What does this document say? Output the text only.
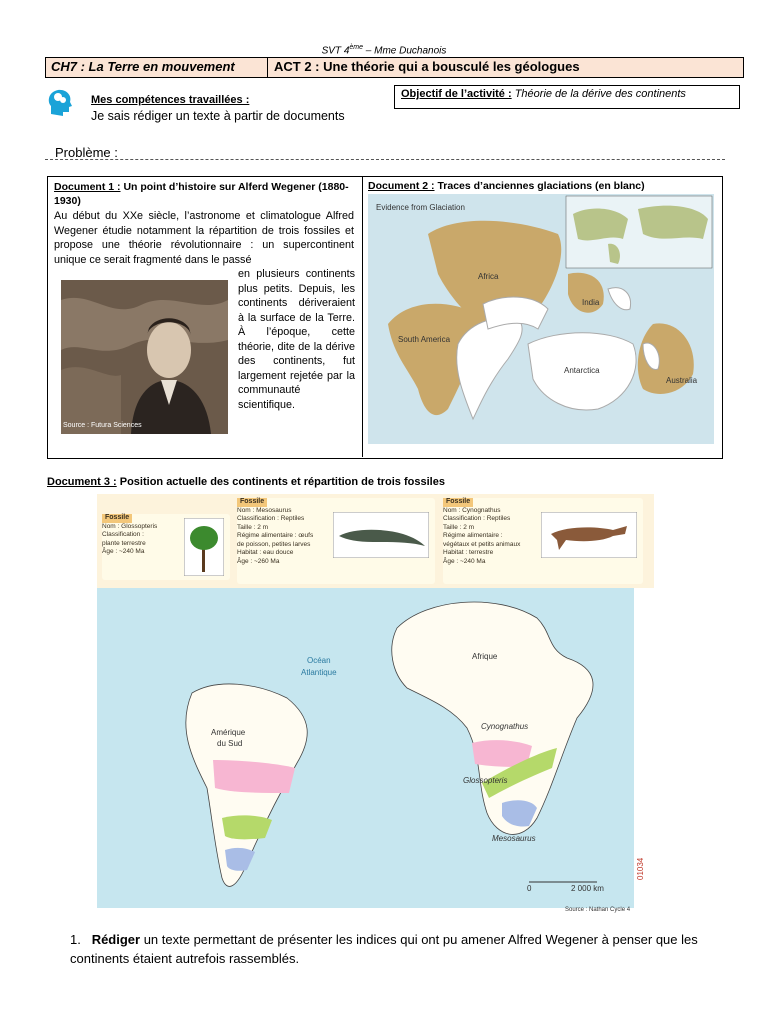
SVT 4ème – Mme Duchanois
CH7 : La Terre en mouvement	ACT 2 : Une théorie qui a bousculé les géologues
Mes compétences travaillées :
Je sais rédiger un texte à partir de documents
Objectif de l’activité : Théorie de la dérive des continents
Problème :
Document 1 : Un point d’histoire sur Alferd Wegener (1880-1930)
Au début du XXe siècle, l’astronome et climatologue Alfred Wegener étudie notamment la répartition de trois fossiles et propose une théorie révolutionnaire : un supercontinent unique ce serait fragmenté dans le passé
en plusieurs continents plus petits. Depuis, les continents dériveraient à la surface de la Terre. À l’époque, cette théorie, dite de la dérive des continents, fut largement rejetée par la communauté scientifique.
Source : Futura Sciences
Document 2 : Traces d’anciennes glaciations (en blanc)
Evidence from Glaciation
Africa
India
South America
Antarctica
Australia
Document 3 : Position actuelle des continents et répartition de trois fossiles
Fossile
Nom : Glossopteris
Classification :
plante terrestre
Âge : ~240 Ma
Fossile
Nom : Mesosaurus
Classification : Reptiles
Taille : 2 m
Régime alimentaire : œufs
de poisson, petites larves
Habitat : eau douce
Âge : ~260 Ma
Fossile
Nom : Cynognathus
Classification : Reptiles
Taille : 2 m
Régime alimentaire :
végétaux et petits animaux
Habitat : terrestre
Âge : ~240 Ma
Océan
Atlantique
Afrique
Amérique
du Sud
Cynognathus
Glossopteris
Mesosaurus
0	2 000 km
Source : Nathan Cycle 4
01034
1. Rédiger un texte permettant de présenter les indices qui ont pu amener Alfred Wegener à penser que les continents étaient autrefois rassemblés.
